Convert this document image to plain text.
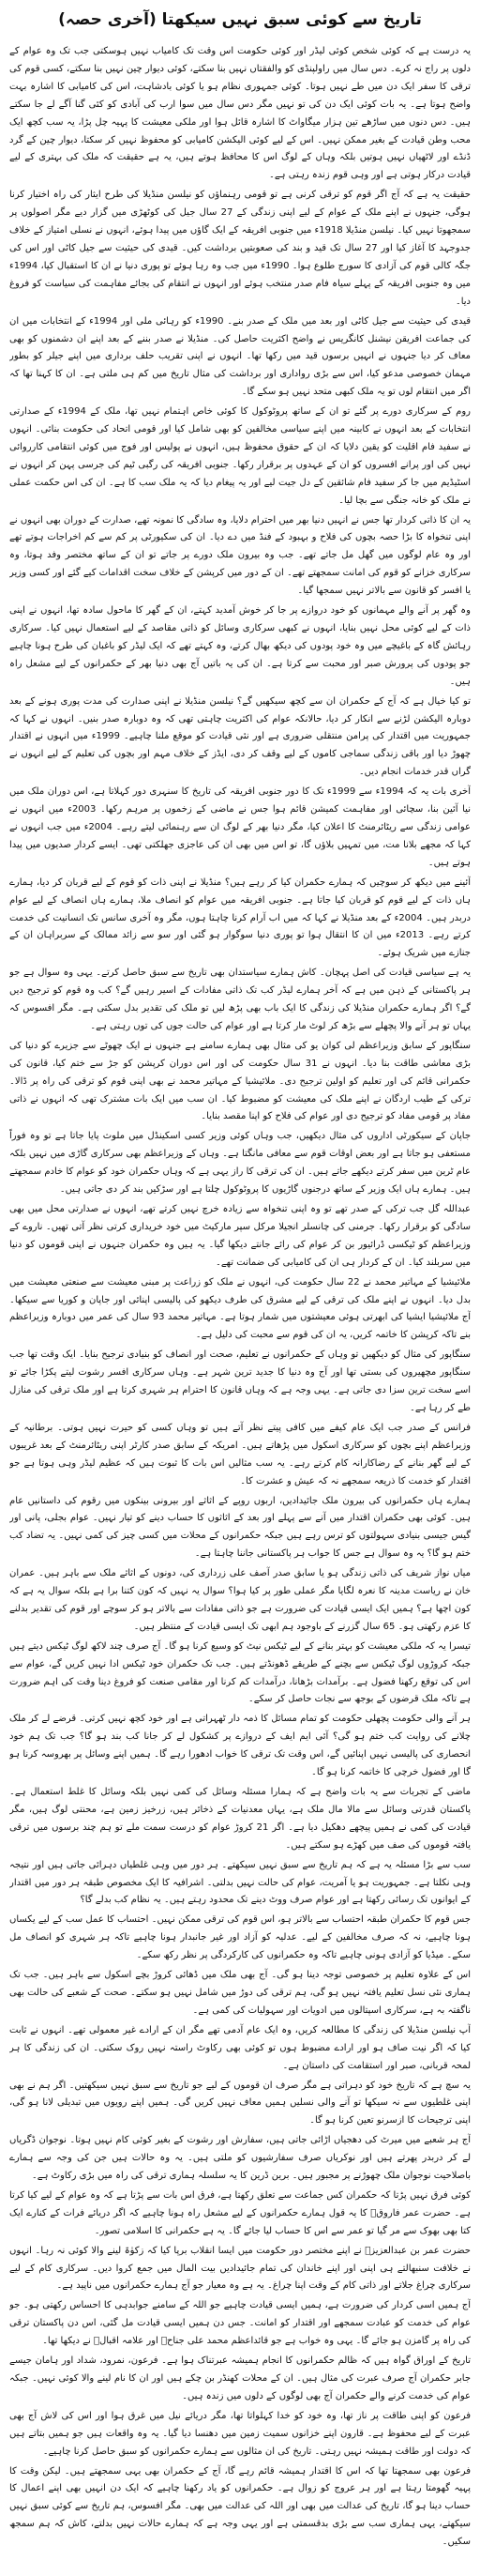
تاریخ سے کوئی سبق نہیں سیکھتا (آخری حصہ)

یہ درست ہے کہ کوئی شخص کوئی لیڈر اور کوئی حکومت اس وقت تک کامیاب نہیں ہوسکتی جب تک وہ عوام کے دلوں پر راج نہ کرے۔ دس سال میں راولپنڈی کو والفقتاں نہیں بنا سکتے، کوئی دیوار چین نہیں بنا سکتے، کسی قوم کی ترقی کا سفر ایک دن میں طے نہیں ہوتا۔ کوئی جمہوری نظام ہو یا کوئی بادشاہت، اس کی کامیابی کا اشارہ بہت واضح ہوتا ہے۔ یہ بات کوئی ایک دن کی تو نہیں مگر دس سال میں سوا ارب کی آبادی کو کئی گنا آگے لے جا سکتے ہیں۔ دس دنوں میں ساڑھے تین ہزار میگاواٹ کا اشارہ قائل ہوا اور ملکی معیشت کا پہیہ چل پڑا، یہ سب کچھ ایک محب وطن قیادت کے بغیر ممکن نہیں۔ اس کے لیے کوئی الیکشن کامیابی کو محفوظ نہیں کر سکتا، دیوار چین کے گرد ڈنڈے اور لاٹھیاں نہیں ہوتیں بلکہ وہاں کے لوگ اس کا محافظ ہوتے ہیں، یہ ہے حقیقت کہ ملک کی بہتری کے لیے قیادت درکار ہوتی ہے اور وہی قوم زندہ رہتی ہے۔

حقیقت یہ ہے کہ آج اگر قوم کو ترقی کرنی ہے تو قومی رہنماؤں کو نیلسن منڈیلا کی طرح ایثار کی راہ اختیار کرنا ہوگی، جنہوں نے اپنے ملک کے عوام کے لیے اپنی زندگی کے 27 سال جیل کی کوٹھڑی میں گزار دیے مگر اصولوں پر سمجھوتا نہیں کیا۔ نیلسن منڈیلا 1918ء میں جنوبی افریقہ کے ایک گاؤں میں پیدا ہوئے، انہوں نے نسلی امتیاز کے خلاف جدوجہد کا آغاز کیا اور 27 سال تک قید و بند کی صعوبتیں برداشت کیں۔ قیدی کی حیثیت سے جیل کاٹی اور اس کی جگہ کالی قوم کی آزادی کا سورج طلوع ہوا۔ 1990ء میں جب وہ رہا ہوئے تو پوری دنیا نے ان کا استقبال کیا، 1994ء میں وہ جنوبی افریقہ کے پہلے سیاہ فام صدر منتخب ہوئے اور انہوں نے انتقام کی بجائے مفاہمت کی سیاست کو فروغ دیا۔

قیدی کی حیثیت سے جیل کاٹی اور بعد میں ملک کے صدر بنے۔ 1990ء کو رہائی ملی اور 1994ء کے انتخابات میں ان کی جماعت افریقن نیشنل کانگریس نے واضح اکثریت حاصل کی۔ منڈیلا نے صدر بننے کے بعد اپنے ان دشمنوں کو بھی معاف کر دیا جنہوں نے انہیں برسوں قید میں رکھا تھا۔ انہوں نے اپنی تقریب حلف برداری میں اپنے جیلر کو بطور مہمان خصوصی مدعو کیا، اس سے بڑی رواداری اور برداشت کی مثال تاریخ میں کم ہی ملتی ہے۔ ان کا کہنا تھا کہ اگر میں انتقام لوں تو یہ ملک کبھی متحد نہیں ہو سکے گا۔

روم کے سرکاری دورے پر گئے تو ان کے ساتھ پروٹوکول کا کوئی خاص اہتمام نہیں تھا، ملک کے 1994ء کے صدارتی انتخابات کے بعد انہوں نے کابینہ میں اپنے سیاسی مخالفین کو بھی شامل کیا اور قومی اتحاد کی حکومت بنائی۔ انہوں نے سفید فام اقلیت کو یقین دلایا کہ ان کے حقوق محفوظ ہیں، انہوں نے پولیس اور فوج میں کوئی انتقامی کارروائی نہیں کی اور پرانے افسروں کو ان کے عہدوں پر برقرار رکھا۔ جنوبی افریقہ کی رگبی ٹیم کی جرسی پہن کر انہوں نے اسٹیڈیم میں جا کر سفید فام شائقین کے دل جیت لیے اور یہ پیغام دیا کہ یہ ملک سب کا ہے۔ ان کی اس حکمت عملی نے ملک کو خانہ جنگی سے بچا لیا۔

یہ ان کا ذاتی کردار تھا جس نے انہیں دنیا بھر میں احترام دلایا، وہ سادگی کا نمونہ تھے، صدارت کے دوران بھی انہوں نے اپنی تنخواہ کا بڑا حصہ بچوں کی فلاح و بہبود کے فنڈ میں دے دیا۔ ان کی سکیورٹی پر کم سے کم اخراجات ہوتے تھے اور وہ عام لوگوں میں گھل مل جاتے تھے۔ جب وہ بیرون ملک دورے پر جاتے تو ان کے ساتھ مختصر وفد ہوتا، وہ سرکاری خزانے کو قوم کی امانت سمجھتے تھے۔ ان کے دور میں کرپشن کے خلاف سخت اقدامات کیے گئے اور کسی وزیر یا افسر کو قانون سے بالاتر نہیں سمجھا گیا۔

وہ گھر پر آنے والے مہمانوں کو خود دروازے پر جا کر خوش آمدید کہتے، ان کے گھر کا ماحول سادہ تھا، انہوں نے اپنی ذات کے لیے کوئی محل نہیں بنایا، انہوں نے کبھی سرکاری وسائل کو ذاتی مقاصد کے لیے استعمال نہیں کیا۔ سرکاری رہائش گاہ کے باغیچے میں وہ خود پودوں کی دیکھ بھال کرتے، وہ کہتے تھے کہ ایک لیڈر کو باغبان کی طرح ہونا چاہیے جو پودوں کی پرورش صبر اور محبت سے کرتا ہے۔ ان کی یہ باتیں آج بھی دنیا بھر کے حکمرانوں کے لیے مشعل راہ ہیں۔

تو کیا خیال ہے کہ آج کے حکمران ان سے کچھ سیکھیں گے؟ نیلسن منڈیلا نے اپنی صدارت کی مدت پوری ہونے کے بعد دوبارہ الیکشن لڑنے سے انکار کر دیا، حالانکہ عوام کی اکثریت چاہتی تھی کہ وہ دوبارہ صدر بنیں۔ انہوں نے کہا کہ جمہوریت میں اقتدار کی پرامن منتقلی ضروری ہے اور نئی قیادت کو موقع ملنا چاہیے۔ 1999ء میں انہوں نے اقتدار چھوڑ دیا اور باقی زندگی سماجی کاموں کے لیے وقف کر دی، ایڈز کے خلاف مہم اور بچوں کی تعلیم کے لیے انہوں نے گراں قدر خدمات انجام دیں۔

آخری بات یہ کہ 1994ء سے 1999ء تک کا دور جنوبی افریقہ کی تاریخ کا سنہری دور کہلاتا ہے، اس دوران ملک میں نیا آئین بنا، سچائی اور مفاہمت کمیشن قائم ہوا جس نے ماضی کے زخموں پر مرہم رکھا۔ 2003ء میں انہوں نے عوامی زندگی سے ریٹائرمنٹ کا اعلان کیا، مگر دنیا بھر کے لوگ ان سے رہنمائی لیتے رہے۔ 2004ء میں جب انہوں نے کہا کہ مجھے بلانا مت، میں تمہیں بلاؤں گا، تو اس میں بھی ان کی عاجزی جھلکتی تھی۔ ایسے کردار صدیوں میں پیدا ہوتے ہیں۔

آئینے میں دیکھ کر سوچیں کہ ہمارے حکمران کیا کر رہے ہیں؟ منڈیلا نے اپنی ذات کو قوم کے لیے قربان کر دیا، ہمارے ہاں ذات کے لیے قوم کو قربان کیا جاتا ہے۔ جنوبی افریقہ میں عوام کو انصاف ملا، ہمارے ہاں انصاف کے لیے عوام دربدر ہیں۔ 2004ء کے بعد منڈیلا نے کہا کہ میں اب آرام کرنا چاہتا ہوں، مگر وہ آخری سانس تک انسانیت کی خدمت کرتے رہے۔ 2013ء میں ان کا انتقال ہوا تو پوری دنیا سوگوار ہو گئی اور سو سے زائد ممالک کے سربراہان ان کے جنازے میں شریک ہوئے۔

یہ ہے سیاسی قیادت کی اصل پہچان۔ کاش ہمارے سیاستدان بھی تاریخ سے سبق حاصل کرتے۔ یہی وہ سوال ہے جو ہر پاکستانی کے ذہن میں ہے کہ آخر ہمارے لیڈر کب تک ذاتی مفادات کے اسیر رہیں گے؟ کب وہ قوم کو ترجیح دیں گے؟ اگر ہمارے حکمران منڈیلا کی زندگی کا ایک باب بھی پڑھ لیں تو ملک کی تقدیر بدل سکتی ہے۔ مگر افسوس کہ یہاں تو ہر آنے والا پچھلے سے بڑھ کر لوٹ مار کرتا ہے اور عوام کی حالت جوں کی توں رہتی ہے۔

سنگاپور کے سابق وزیراعظم لی کوان یو کی مثال بھی ہمارے سامنے ہے جنہوں نے ایک چھوٹے سے جزیرے کو دنیا کی بڑی معاشی طاقت بنا دیا۔ انہوں نے 31 سال حکومت کی اور اس دوران کرپشن کو جڑ سے ختم کیا، قانون کی حکمرانی قائم کی اور تعلیم کو اولین ترجیح دی۔ ملائیشیا کے مہاتیر محمد نے بھی اپنی قوم کو ترقی کی راہ پر ڈالا۔ ترکی کے طیب اردگان نے اپنے ملک کی معیشت کو مضبوط کیا۔ ان سب میں ایک بات مشترک تھی کہ انہوں نے ذاتی مفاد پر قومی مفاد کو ترجیح دی اور عوام کی فلاح کو اپنا مقصد بنایا۔

جاپان کے سیکورٹی اداروں کی مثال دیکھیں، جب وہاں کوئی وزیر کسی اسکینڈل میں ملوث پایا جاتا ہے تو وہ فوراً مستعفی ہو جاتا ہے اور بعض اوقات قوم سے معافی مانگتا ہے۔ وہاں کے وزیراعظم بھی سرکاری گاڑی میں نہیں بلکہ عام ٹرین میں سفر کرتے دیکھے جاتے ہیں۔ ان کی ترقی کا راز یہی ہے کہ وہاں حکمران خود کو عوام کا خادم سمجھتے ہیں۔ ہمارے ہاں ایک وزیر کے ساتھ درجنوں گاڑیوں کا پروٹوکول چلتا ہے اور سڑکیں بند کر دی جاتی ہیں۔

عبداللہ گل جب ترکی کے صدر تھے تو وہ اپنی تنخواہ سے زیادہ خرچ نہیں کرتے تھے، انہوں نے صدارتی محل میں بھی سادگی کو برقرار رکھا۔ جرمنی کی چانسلر انجیلا مرکل سپر مارکیٹ میں خود خریداری کرتی نظر آتی تھیں۔ ناروے کے وزیراعظم کو ٹیکسی ڈرائیور بن کر عوام کی رائے جانتے دیکھا گیا۔ یہ ہیں وہ حکمران جنہوں نے اپنی قوموں کو دنیا میں سربلند کیا۔ ان کے کردار ہی ان کی کامیابی کی ضمانت تھے۔

ملائیشیا کے مہاتیر محمد نے 22 سال حکومت کی، انہوں نے ملک کو زراعت پر مبنی معیشت سے صنعتی معیشت میں بدل دیا۔ انہوں نے اپنے ملک کی ترقی کے لیے مشرق کی طرف دیکھو کی پالیسی اپنائی اور جاپان و کوریا سے سیکھا۔ آج ملائیشیا ایشیا کی ابھرتی ہوئی معیشتوں میں شمار ہوتا ہے۔ مہاتیر محمد 93 سال کی عمر میں دوبارہ وزیراعظم بنے تاکہ کرپشن کا خاتمہ کریں، یہ ان کی قوم سے محبت کی دلیل ہے۔

سنگاپور کی مثال کو دیکھیں تو وہاں کے حکمرانوں نے تعلیم، صحت اور انصاف کو بنیادی ترجیح بنایا۔ ایک وقت تھا جب سنگاپور مچھیروں کی بستی تھا اور آج وہ دنیا کا جدید ترین شہر ہے۔ وہاں سرکاری افسر رشوت لیتے پکڑا جائے تو اسے سخت ترین سزا دی جاتی ہے۔ یہی وجہ ہے کہ وہاں قانون کا احترام ہر شہری کرتا ہے اور ملک ترقی کی منازل طے کر رہا ہے۔

فرانس کے صدر جب ایک عام کیفے میں کافی پیتے نظر آتے ہیں تو وہاں کسی کو حیرت نہیں ہوتی۔ برطانیہ کے وزیراعظم اپنے بچوں کو سرکاری اسکول میں پڑھاتے ہیں۔ امریکہ کے سابق صدر کارٹر اپنی ریٹائرمنٹ کے بعد غریبوں کے لیے گھر بنانے کے رضاکارانہ کام کرتے رہے۔ یہ سب مثالیں اس بات کا ثبوت ہیں کہ عظیم لیڈر وہی ہوتا ہے جو اقتدار کو خدمت کا ذریعہ سمجھے نہ کہ عیش و عشرت کا۔

ہمارے ہاں حکمرانوں کی بیرون ملک جائیدادیں، اربوں روپے کے اثاثے اور بیرونی بینکوں میں رقوم کی داستانیں عام ہیں۔ کوئی بھی حکمران اقتدار میں آنے سے پہلے اور بعد کے اثاثوں کا حساب دینے کو تیار نہیں۔ عوام بجلی، پانی اور گیس جیسی بنیادی سہولتوں کو ترس رہے ہیں جبکہ حکمرانوں کے محلات میں کسی چیز کی کمی نہیں۔ یہ تضاد کب ختم ہو گا؟ یہ وہ سوال ہے جس کا جواب ہر پاکستانی جاننا چاہتا ہے۔

میاں نواز شریف کی ذاتی زندگی ہو یا سابق صدر آصف علی زرداری کی، دونوں کے اثاثے ملک سے باہر ہیں۔ عمران خان نے ریاست مدینہ کا نعرہ لگایا مگر عملی طور پر کیا ہوا؟ سوال یہ نہیں کہ کون کتنا برا ہے بلکہ سوال یہ ہے کہ کون اچھا ہے؟ ہمیں ایک ایسی قیادت کی ضرورت ہے جو ذاتی مفادات سے بالاتر ہو کر سوچے اور قوم کی تقدیر بدلنے کا عزم رکھتی ہو۔ 65 سال گزرنے کے باوجود ہم ابھی تک ایسی قیادت کے منتظر ہیں۔

تیسرا یہ کہ ملکی معیشت کو بہتر بنانے کے لیے ٹیکس نیٹ کو وسیع کرنا ہو گا۔ آج صرف چند لاکھ لوگ ٹیکس دیتے ہیں جبکہ کروڑوں لوگ ٹیکس سے بچنے کے طریقے ڈھونڈتے ہیں۔ جب تک حکمران خود ٹیکس ادا نہیں کریں گے، عوام سے اس کی توقع رکھنا فضول ہے۔ برآمدات بڑھانا، درآمدات کم کرنا اور مقامی صنعت کو فروغ دینا وقت کی اہم ضرورت ہے تاکہ ملک قرضوں کے بوجھ سے نجات حاصل کر سکے۔

ہر آنے والی حکومت پچھلی حکومت کو تمام مسائل کا ذمہ دار ٹھہراتی ہے اور خود کچھ نہیں کرتی۔ قرضے لے کر ملک چلانے کی روایت کب ختم ہو گی؟ آئی ایم ایف کے دروازے پر کشکول لے کر جانا کب بند ہو گا؟ جب تک ہم خود انحصاری کی پالیسی نہیں اپنائیں گے، اس وقت تک ترقی کا خواب ادھورا رہے گا۔ ہمیں اپنے وسائل پر بھروسہ کرنا ہو گا اور فضول خرچی کا خاتمہ کرنا ہو گا۔

ماضی کے تجربات سے یہ بات واضح ہے کہ ہمارا مسئلہ وسائل کی کمی نہیں بلکہ وسائل کا غلط استعمال ہے۔ پاکستان قدرتی وسائل سے مالا مال ملک ہے، یہاں معدنیات کے ذخائر ہیں، زرخیز زمین ہے، محنتی لوگ ہیں، مگر قیادت کی کمی نے ہمیں پیچھے دھکیل دیا ہے۔ اگر 21 کروڑ عوام کو درست سمت ملے تو ہم چند برسوں میں ترقی یافتہ قوموں کی صف میں کھڑے ہو سکتے ہیں۔

سب سے بڑا مسئلہ یہ ہے کہ ہم تاریخ سے سبق نہیں سیکھتے۔ ہر دور میں وہی غلطیاں دہرائی جاتی ہیں اور نتیجہ وہی نکلتا ہے۔ جمہوریت ہو یا آمریت، عوام کی حالت نہیں بدلتی۔ اشرافیہ کا ایک مخصوص طبقہ ہر دور میں اقتدار کے ایوانوں تک رسائی رکھتا ہے اور عوام صرف ووٹ دینے تک محدود رہتے ہیں۔ یہ نظام کب بدلے گا؟

جس قوم کا حکمران طبقہ احتساب سے بالاتر ہو، اس قوم کی ترقی ممکن نہیں۔ احتساب کا عمل سب کے لیے یکساں ہونا چاہیے، نہ کہ صرف مخالفین کے لیے۔ عدلیہ کو آزاد اور غیر جانبدار ہونا چاہیے تاکہ ہر شہری کو انصاف مل سکے۔ میڈیا کو آزادی ہونی چاہیے تاکہ وہ حکمرانوں کی کارکردگی پر نظر رکھ سکے۔

اس کے علاوہ تعلیم پر خصوصی توجہ دینا ہو گی۔ آج بھی ملک میں ڈھائی کروڑ بچے اسکول سے باہر ہیں۔ جب تک ہماری نئی نسل تعلیم یافتہ نہیں ہو گی، ہم ترقی کی دوڑ میں شامل نہیں ہو سکتے۔ صحت کے شعبے کی حالت بھی ناگفتہ بہ ہے، سرکاری اسپتالوں میں ادویات اور سہولیات کی کمی ہے۔

آپ نیلسن منڈیلا کی زندگی کا مطالعہ کریں، وہ ایک عام آدمی تھے مگر ان کے ارادے غیر معمولی تھے۔ انہوں نے ثابت کیا کہ اگر نیت صاف ہو اور ارادے مضبوط ہوں تو کوئی بھی رکاوٹ راستہ نہیں روک سکتی۔ ان کی زندگی کا ہر لمحہ قربانی، صبر اور استقامت کی داستان ہے۔

یہ سچ ہے کہ تاریخ خود کو دہراتی ہے مگر صرف ان قوموں کے لیے جو تاریخ سے سبق نہیں سیکھتیں۔ اگر ہم نے بھی اپنی غلطیوں سے نہ سیکھا تو آنے والی نسلیں ہمیں معاف نہیں کریں گی۔ ہمیں اپنے رویوں میں تبدیلی لانا ہو گی، اپنی ترجیحات کا ازسرنو تعین کرنا ہو گا۔

آج ہر شعبے میں میرٹ کی دھجیاں اڑائی جاتی ہیں، سفارش اور رشوت کے بغیر کوئی کام نہیں ہوتا۔ نوجوان ڈگریاں لے کر دربدر پھرتے ہیں اور نوکریاں صرف سفارشیوں کو ملتی ہیں۔ یہ وہ حالات ہیں جن کی وجہ سے ہمارے باصلاحیت نوجوان ملک چھوڑنے پر مجبور ہیں۔ برین ڈرین کا یہ سلسلہ ہماری ترقی کی راہ میں بڑی رکاوٹ ہے۔

کوئی فرق نہیں پڑتا کہ حکمران کس جماعت سے تعلق رکھتا ہے، فرق اس بات سے پڑتا ہے کہ وہ عوام کے لیے کیا کرتا ہے۔ حضرت عمر فاروقؓ کا یہ قول ہمارے حکمرانوں کے لیے مشعل راہ ہونا چاہیے کہ اگر دریائے فرات کے کنارے ایک کتا بھی بھوک سے مر گیا تو عمر سے اس کا حساب لیا جائے گا۔ یہ ہے حکمرانی کا اسلامی تصور۔

حضرت عمر بن عبدالعزیزؒ نے اپنے مختصر دور حکومت میں ایسا انقلاب برپا کیا کہ زکوٰۃ لینے والا کوئی نہ رہا۔ انہوں نے خلافت سنبھالتے ہی اپنی اور اپنے خاندان کی تمام جائیدادیں بیت المال میں جمع کروا دیں۔ سرکاری کام کے لیے سرکاری چراغ جلاتے اور ذاتی کام کے وقت اپنا چراغ۔ یہ ہے وہ معیار جو آج ہمارے حکمرانوں میں ناپید ہے۔

آج ہمیں اسی کردار کی ضرورت ہے، ہمیں ایسی قیادت چاہیے جو اللہ کے سامنے جوابدہی کا احساس رکھتی ہو۔ جو عوام کی خدمت کو عبادت سمجھے اور اقتدار کو امانت۔ جس دن ہمیں ایسی قیادت مل گئی، اس دن پاکستان ترقی کی راہ پر گامزن ہو جائے گا۔ یہی وہ خواب ہے جو قائداعظم محمد علی جناحؒ اور علامہ اقبالؒ نے دیکھا تھا۔

تاریخ کے اوراق گواہ ہیں کہ ظالم حکمرانوں کا انجام ہمیشہ عبرتناک ہوا ہے۔ فرعون، نمرود، شداد اور ہامان جیسے جابر حکمران آج صرف عبرت کی مثال ہیں۔ ان کے محلات کھنڈر بن چکے ہیں اور ان کا نام لینے والا کوئی نہیں۔ جبکہ عوام کی خدمت کرنے والے حکمران آج بھی لوگوں کے دلوں میں زندہ ہیں۔

فرعون کو اپنی طاقت پر ناز تھا، وہ خود کو خدا کہلواتا تھا، مگر دریائے نیل میں غرق ہوا اور اس کی لاش آج بھی عبرت کے لیے محفوظ ہے۔ قارون اپنے خزانوں سمیت زمین میں دھنسا دیا گیا۔ یہ وہ واقعات ہیں جو ہمیں بتاتے ہیں کہ دولت اور طاقت ہمیشہ نہیں رہتی۔ تاریخ کی ان مثالوں سے ہمارے حکمرانوں کو سبق حاصل کرنا چاہیے۔

فرعون بھی سمجھتا تھا کہ اس کا اقتدار ہمیشہ قائم رہے گا، آج کے حکمران بھی یہی سمجھتے ہیں۔ لیکن وقت کا پہیہ گھومتا رہتا ہے اور ہر عروج کو زوال ہے۔ حکمرانوں کو یاد رکھنا چاہیے کہ ایک دن انہیں بھی اپنے اعمال کا حساب دینا ہو گا، تاریخ کی عدالت میں بھی اور اللہ کی عدالت میں بھی۔ مگر افسوس، ہم تاریخ سے کوئی سبق نہیں سیکھتے، یہی ہماری سب سے بڑی بدقسمتی ہے اور یہی وجہ ہے کہ ہمارے حالات نہیں بدلتے، کاش کہ ہم سمجھ سکیں۔
